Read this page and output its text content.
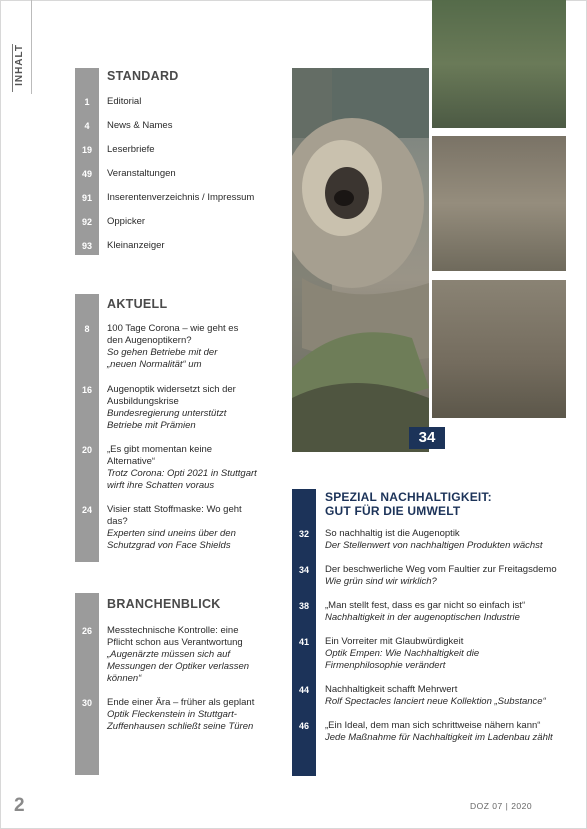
INHALT	STANDARD
1	Editorial
4	News & Names
19	Leserbriefe
49	Veranstaltungen
91	Inserentenverzeichnis / Impressum
92	Oppicker
93	Kleinanzeiger
AKTUELL
8	100 Tage Corona – wie geht es den Augenoptikern?
So gehen Betriebe mit der „neuen Normalität“ um
16	Augenoptik widersetzt sich der Ausbildungskrise
Bundesregierung unterstützt Betriebe mit Prämien
20	„Es gibt momentan keine Alternative“
Trotz Corona: Opti 2021 in Stuttgart wirft ihre Schatten voraus
24	Visier statt Stoffmaske: Wo geht das?
Experten sind uneins über den Schutzgrad von Face Shields
BRANCHENBLICK
26	Messtechnische Kontrolle: eine Pflicht schon aus Verantwortung
„Augenärzte müssen sich auf Messungen der Optiker verlassen können“
30	Ende einer Ära – früher als geplant
Optik Fleckenstein in Stuttgart-Zuffenhausen schließt seine Türen
34
SPEZIAL NACHHALTIGKEIT:
GUT FÜR DIE UMWELT
32	So nachhaltig ist die Augenoptik
Der Stellenwert von nachhaltigen Produkten wächst
34	Der beschwerliche Weg vom Faultier zur Freitagsdemo
Wie grün sind wir wirklich?
38	„Man stellt fest, dass es gar nicht so einfach ist“
Nachhaltigkeit in der augenoptischen Industrie
41	Ein Vorreiter mit Glaubwürdigkeit
Optik Empen: Wie Nachhaltigkeit die Firmenphilosophie verändert
44	Nachhaltigkeit schafft Mehrwert
Rolf Spectacles lanciert neue Kollektion „Substance“
46	„Ein Ideal, dem man sich schrittweise nähern kann“
Jede Maßnahme für Nachhaltigkeit im Ladenbau zählt
2	DOZ 07 | 2020
